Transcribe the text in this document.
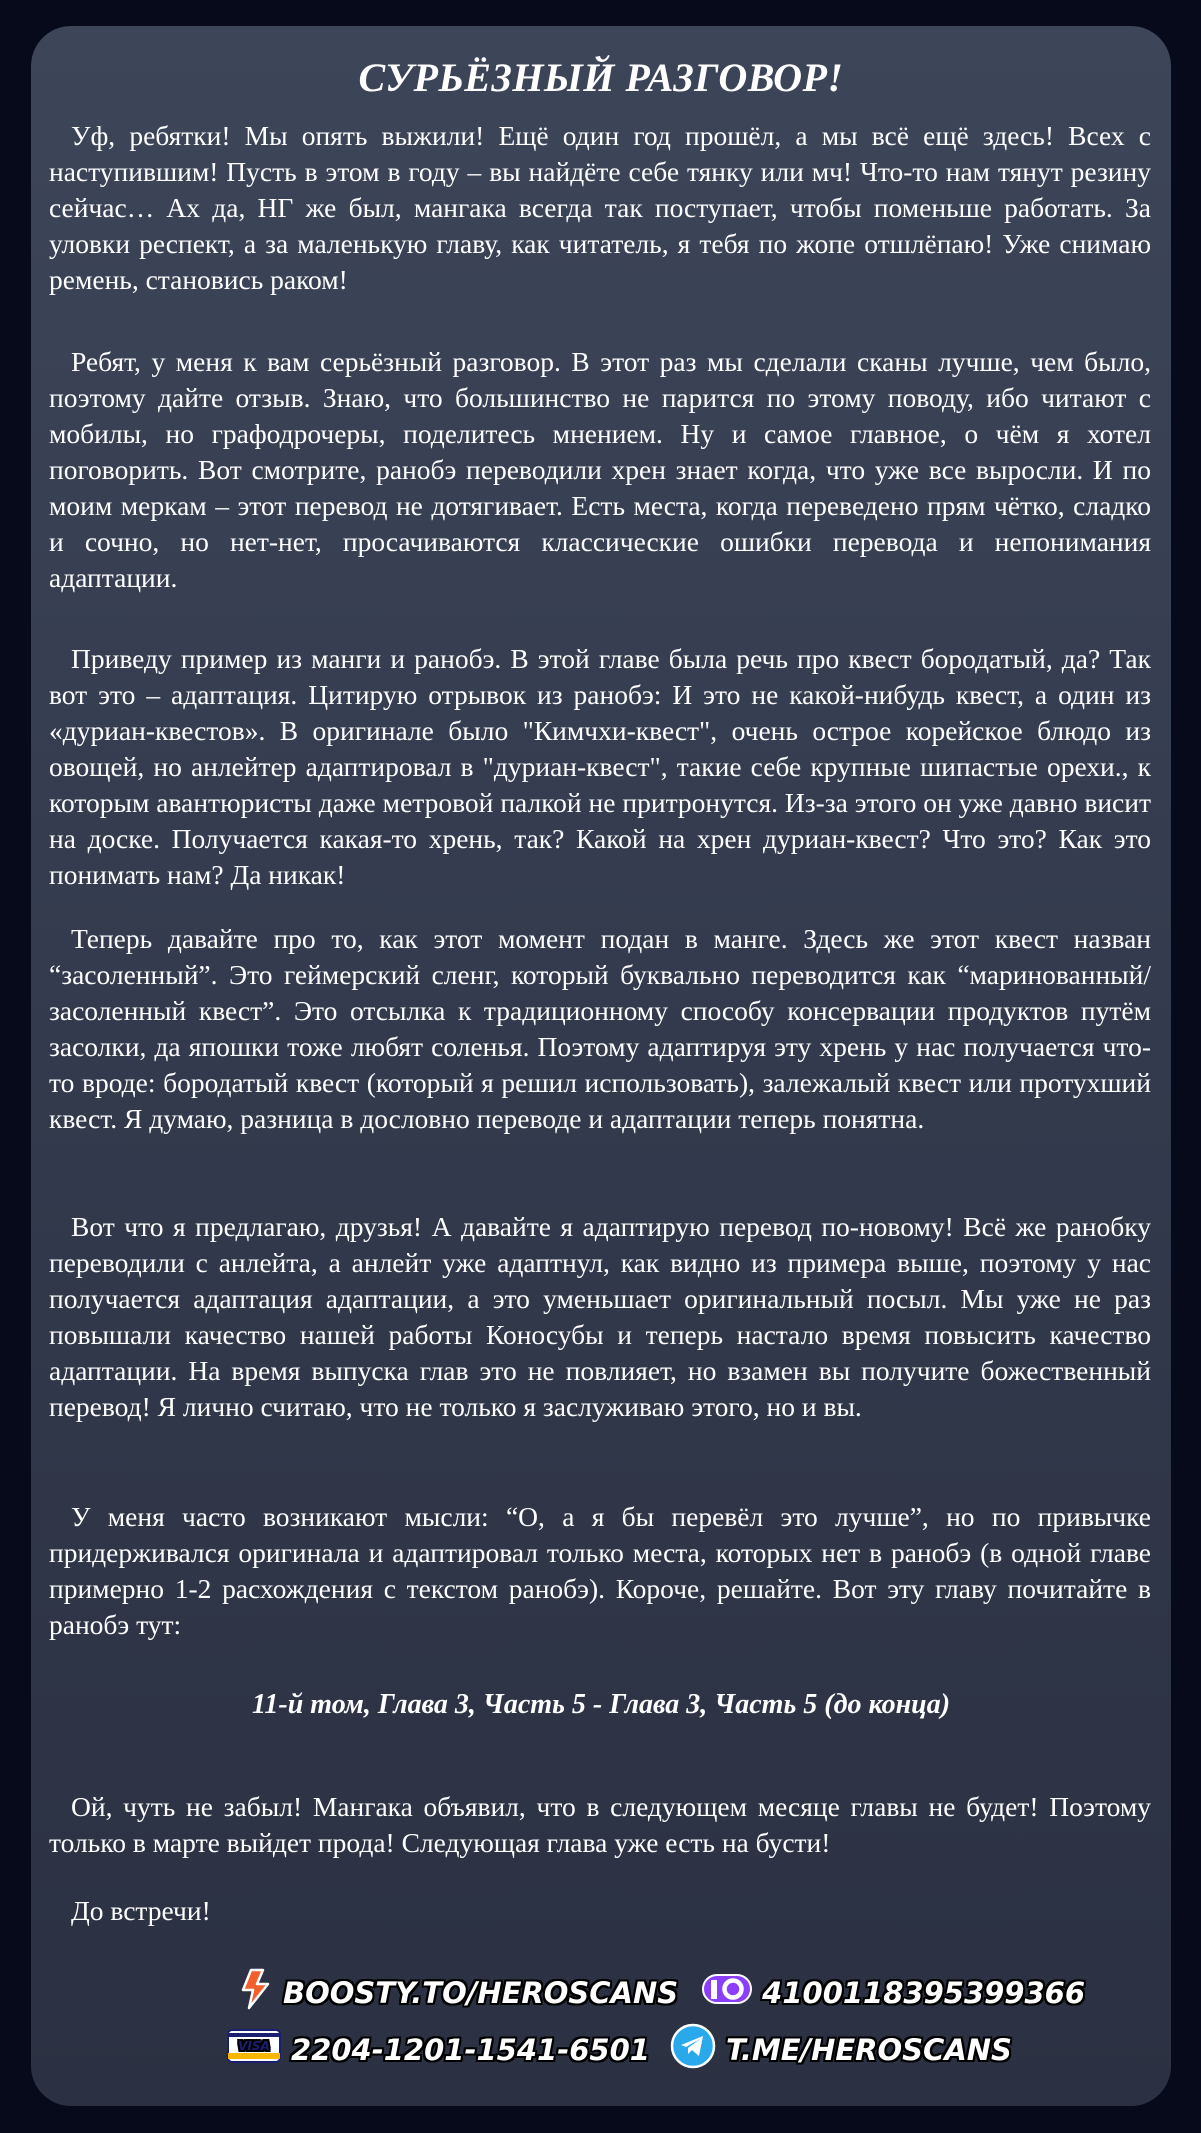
СУРЬЁЗНЫЙ РАЗГОВОР!

Уф, ребятки! Мы опять выжили! Ещё один год прошёл, а мы всё ещё здесь! Всех с наступившим! Пусть в этом в году – вы найдёте себе тянку или мч! Что-то нам тянут резину сейчас… Ах да, НГ же был, мангака всегда так поступает, чтобы поменьше работать. За уловки респект, а за маленькую главу, как читатель, я тебя по жопе отшлёпаю! Уже снимаю ремень, становись раком!

Ребят, у меня к вам серьёзный разговор. В этот раз мы сделали сканы лучше, чем было, поэтому дайте отзыв. Знаю, что большинство не парится по этому поводу, ибо читают с мобилы, но графодрочеры, поделитесь мнением. Ну и самое главное, о чём я хотел поговорить. Вот смотрите, ранобэ переводили хрен знает когда, что уже все выросли. И по моим меркам – этот перевод не дотягивает. Есть места, когда переведено прям чётко, сладко и сочно, но нет-нет, просачиваются классические ошибки перевода и непонимания адаптации.

Приведу пример из манги и ранобэ. В этой главе была речь про квест бородатый, да? Так вот это – адаптация. Цитирую отрывок из ранобэ: И это не какой-нибудь квест, а один из «дуриан-квестов». В оригинале было "Кимчхи-квест", очень острое корейское блюдо из овощей, но анлейтер адаптировал в "дуриан-квест", такие себе крупные шипастые орехи., к которым авантюристы даже метровой палкой не притронутся. Из-за этого он уже давно висит на доске. Получается какая-то хрень, так? Какой на хрен дуриан-квест? Что это? Как это понимать нам? Да никак!

Теперь давайте про то, как этот момент подан в манге. Здесь же этот квест назван “засоленный”. Это геймерский сленг, который буквально переводится как “маринованный/засоленный квест”. Это отсылка к традиционному способу консервации продуктов путём засолки, да япошки тоже любят соленья. Поэтому адаптируя эту хрень у нас получается что-то вроде: бородатый квест (который я решил использовать), залежалый квест или протухший квест. Я думаю, разница в дословно переводе и адаптации теперь понятна.

Вот что я предлагаю, друзья! А давайте я адаптирую перевод по-новому! Всё же ранобку переводили с анлейта, а анлейт уже адаптнул, как видно из примера выше, поэтому у нас получается адаптация адаптации, а это уменьшает оригинальный посыл. Мы уже не раз повышали качество нашей работы Коносубы и теперь настало время повысить качество адаптации. На время выпуска глав это не повлияет, но взамен вы получите божественный перевод! Я лично считаю, что не только я заслуживаю этого, но и вы.

У меня часто возникают мысли: “О, а я бы перевёл это лучше”, но по привычке придерживался оригинала и адаптировал только места, которых нет в ранобэ (в одной главе примерно 1-2 расхождения с текстом ранобэ). Короче, решайте. Вот эту главу почитайте в ранобэ тут:

11-й том, Глава 3, Часть 5 - Глава 3, Часть 5 (до конца)

Ой, чуть не забыл! Мангака объявил, что в следующем месяце главы не будет! Поэтому только в марте выйдет прода! Следующая глава уже есть на бусти!

До встречи!

BOOSTY.TO/HEROSCANS	4100118395399366
VISA 2204-1201-1541-6501	T.ME/HEROSCANS
